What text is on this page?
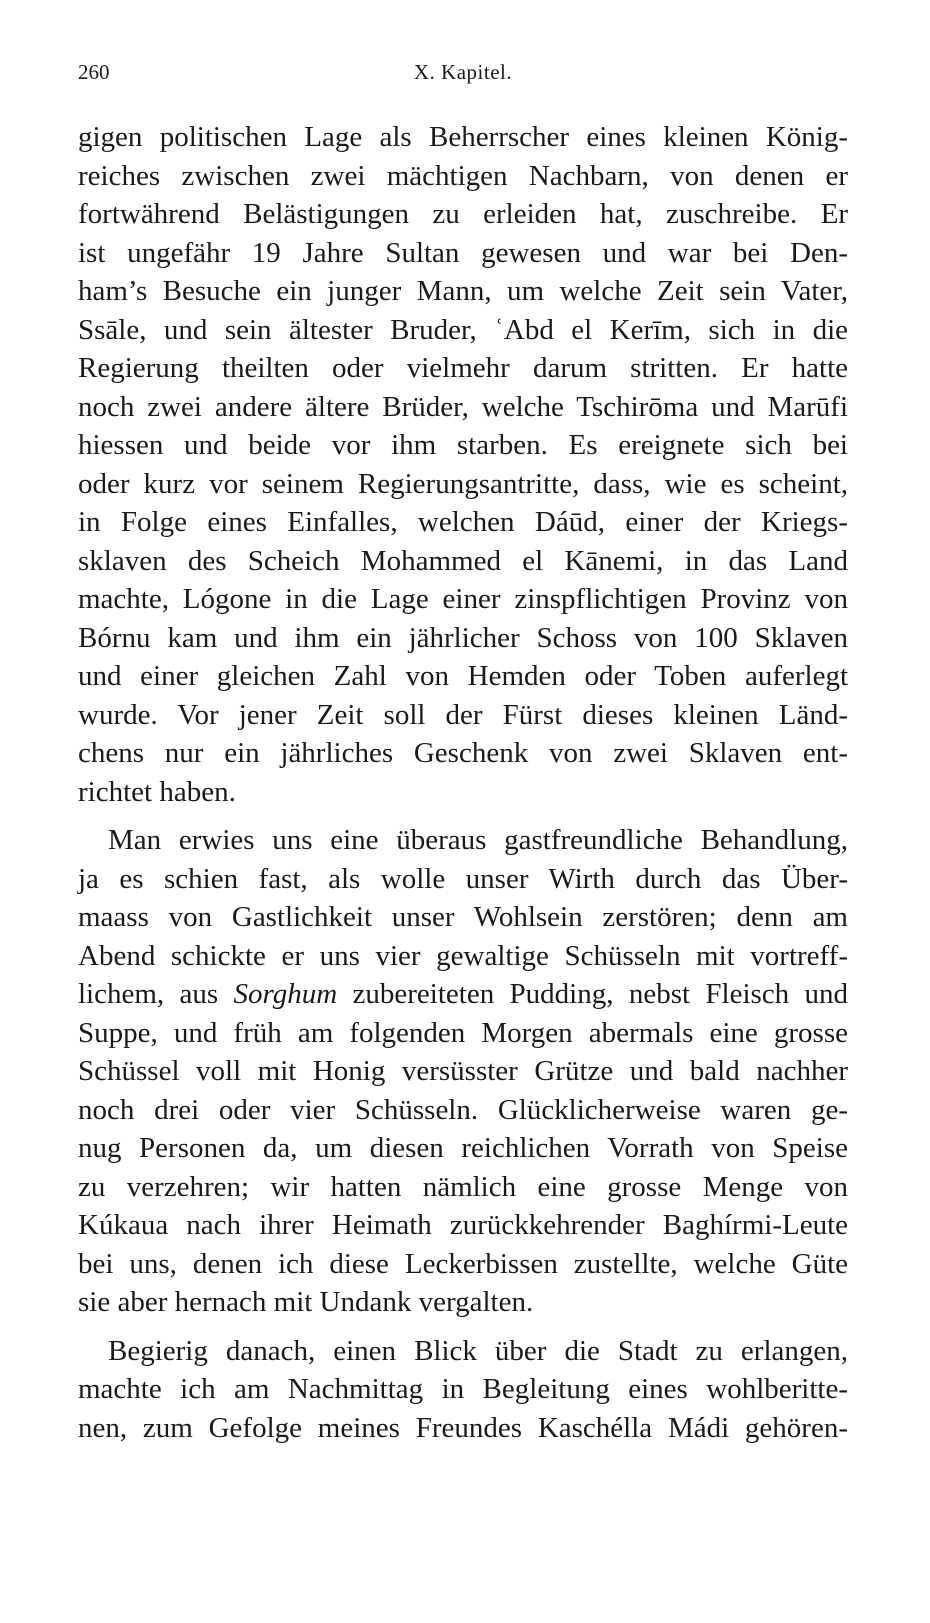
260	X. Kapitel.
gigen politischen Lage als Beherrscher eines kleinen König-
reiches zwischen zwei mächtigen Nachbarn, von denen er
fortwährend Belästigungen zu erleiden hat, zuschreibe. Er
ist ungefähr 19 Jahre Sultan gewesen und war bei Den-
ham’s Besuche ein junger Mann, um welche Zeit sein Vater,
Ssāle, und sein ältester Bruder, ʿAbd el Kerīm, sich in die
Regierung theilten oder vielmehr darum stritten. Er hatte
noch zwei andere ältere Brüder, welche Tschirōma und Marūfi
hiessen und beide vor ihm starben. Es ereignete sich bei
oder kurz vor seinem Regierungsantritte, dass, wie es scheint,
in Folge eines Einfalles, welchen Dáūd, einer der Kriegs-
sklaven des Scheich Mohammed el Kānemi, in das Land
machte, Lógone in die Lage einer zinspflichtigen Provinz von
Bórnu kam und ihm ein jährlicher Schoss von 100 Sklaven
und einer gleichen Zahl von Hemden oder Toben auferlegt
wurde. Vor jener Zeit soll der Fürst dieses kleinen Länd-
chens nur ein jährliches Geschenk von zwei Sklaven ent-
richtet haben.
Man erwies uns eine überaus gastfreundliche Behandlung,
ja es schien fast, als wolle unser Wirth durch das Über-
maass von Gastlichkeit unser Wohlsein zerstören; denn am
Abend schickte er uns vier gewaltige Schüsseln mit vortreff-
lichem, aus Sorghum zubereiteten Pudding, nebst Fleisch und
Suppe, und früh am folgenden Morgen abermals eine grosse
Schüssel voll mit Honig versüsster Grütze und bald nachher
noch drei oder vier Schüsseln. Glücklicherweise waren ge-
nug Personen da, um diesen reichlichen Vorrath von Speise
zu verzehren; wir hatten nämlich eine grosse Menge von
Kúkaua nach ihrer Heimath zurückkehrender Baghírmi-Leute
bei uns, denen ich diese Leckerbissen zustellte, welche Güte
sie aber hernach mit Undank vergalten.
Begierig danach, einen Blick über die Stadt zu erlangen,
machte ich am Nachmittag in Begleitung eines wohlberitte-
nen, zum Gefolge meines Freundes Kaschélla Mádi gehören-
